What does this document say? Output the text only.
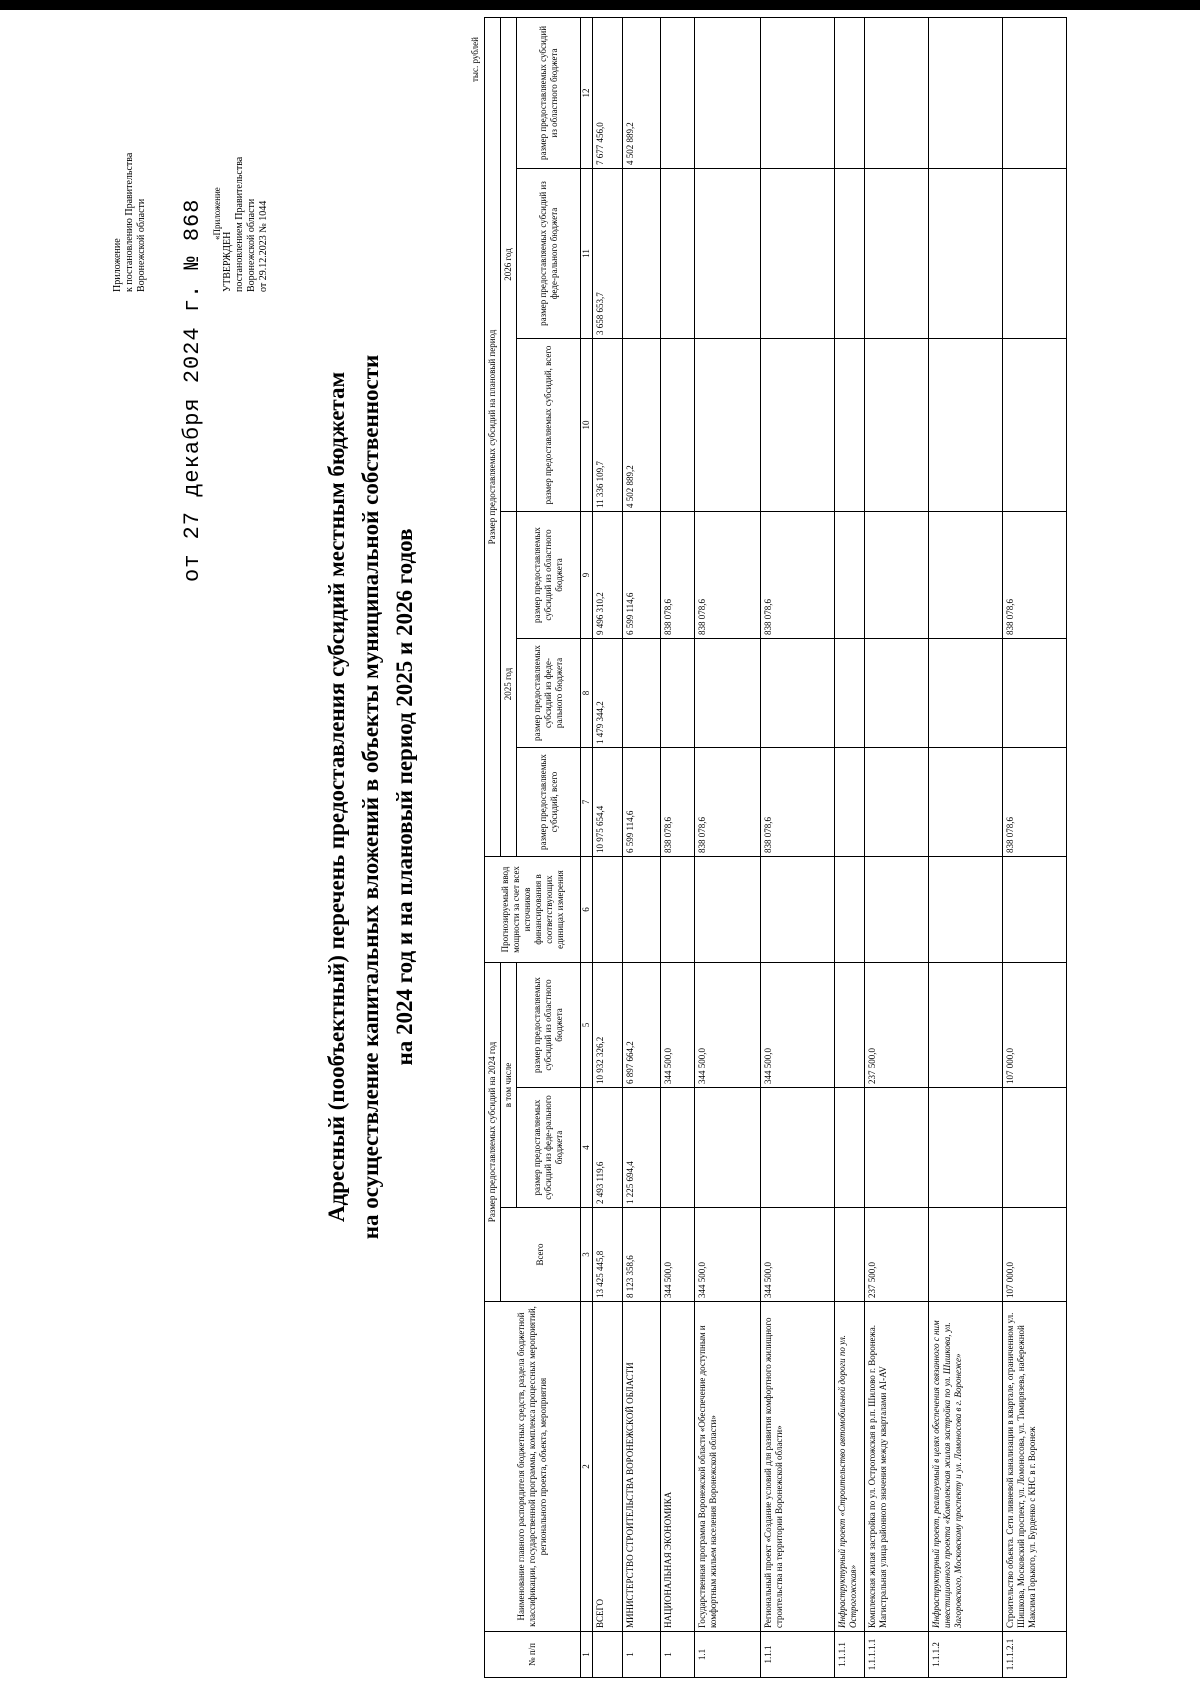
Приложение к постановлению Правительства Воронежской области от 27 декабря 2024 г. № 868 «Приложение
УТВЕРЖДЕН постановлением Правительства Воронежской области от 29.12.2023 № 1044
Адресный (пообъектный) перечень предоставления субсидий местным бюджетам на осуществление капитальных вложений в объекты муниципальной собственности на 2024 год и на плановый период 2025 и 2026 годов
тыс. рублей
№ п/п	Наименование главного распорядителя бюджетных средств, раздела бюджетной классификации, государственной программы, комплекса процессных мероприятий, регионального проекта, объекта, мероприятия	Размер предоставляемых субсидий на 2024 год			Прогнозируемый ввод мощности за счет всех источников финансирования в соответствующих единицах измерения	Размер предоставляемых субсидий на плановый период					
		Всего	в том числе			2025 год			2026 год		
			размер предоставляемых субсидий из феде-рального бюджета	размер предоставляемых субсидий из областного бюджета		размер предоставляемых субсидий, всего	размер предоставляемых субсидий из феде-рального бюджета	размер предоставляемых субсидий из областного бюджета	размер предоставляемых субсидий, всего	размер предоставляемых субсидий из феде-рального бюджета	размер предоставляемых субсидий из областного бюджета

1	2	3	4	5	6	7	8	9	10	11	12
	ВСЕГО	13 425 445,8	2 493 119,6	10 932 326,2		10 975 654,4	1 479 344,2	9 496 310,2	11 336 109,7	3 658 653,7	7 677 456,0
1	МИНИСТЕРСТВО СТРОИТЕЛЬСТВА ВОРОНЕЖСКОЙ ОБЛАСТИ	8 123 358,6	1 225 694,4	6 897 664,2		6 599 114,6		6 599 114,6	4 502 889,2		4 502 889,2
1	НАЦИОНАЛЬНАЯ ЭКОНОМИКА	344 500,0		344 500,0		838 078,6		838 078,6			
1.1	Государственная программа Воронежской области «Обеспечение доступным и комфортным жильем населения Воронежской области»	344 500,0		344 500,0		838 078,6		838 078,6			
1.1.1	Региональный проект «Создание условий для развития комфортного жилищного строительства на территории Воронежской области»	344 500,0		344 500,0		838 078,6		838 078,6			
1.1.1.1	Инфраструктурный проект «Строительство автомобильной дороги по ул. Острогожская»										
1.1.1.1.1	Комплексная жилая застройка по ул. Острогожская в р.п. Шилово г. Воронежа. Магистральная улица районного значения между кварталами AI-AV	237 500,0		237 500,0							
1.1.1.2	Инфраструктурный проект, реализуемый в целях обеспечения связанного с ним инвестиционного проекта «Комплексная жилая застройка по ул. Шишкова, ул. Загоровского, Московскому проспекту и ул. Ломоносова в г. Воронеже»										
1.1.1.2.1	Строительство объекта. Сети ливневой канализации в квартале, ограниченном ул. Шишкова, Московский проспект, ул. Ломоносова, ул. Тимирязева, набережной Максима Горького, ул. Бурденко с КНС в г. Воронеж	107 000,0		107 000,0		838 078,6		838 078,6			
